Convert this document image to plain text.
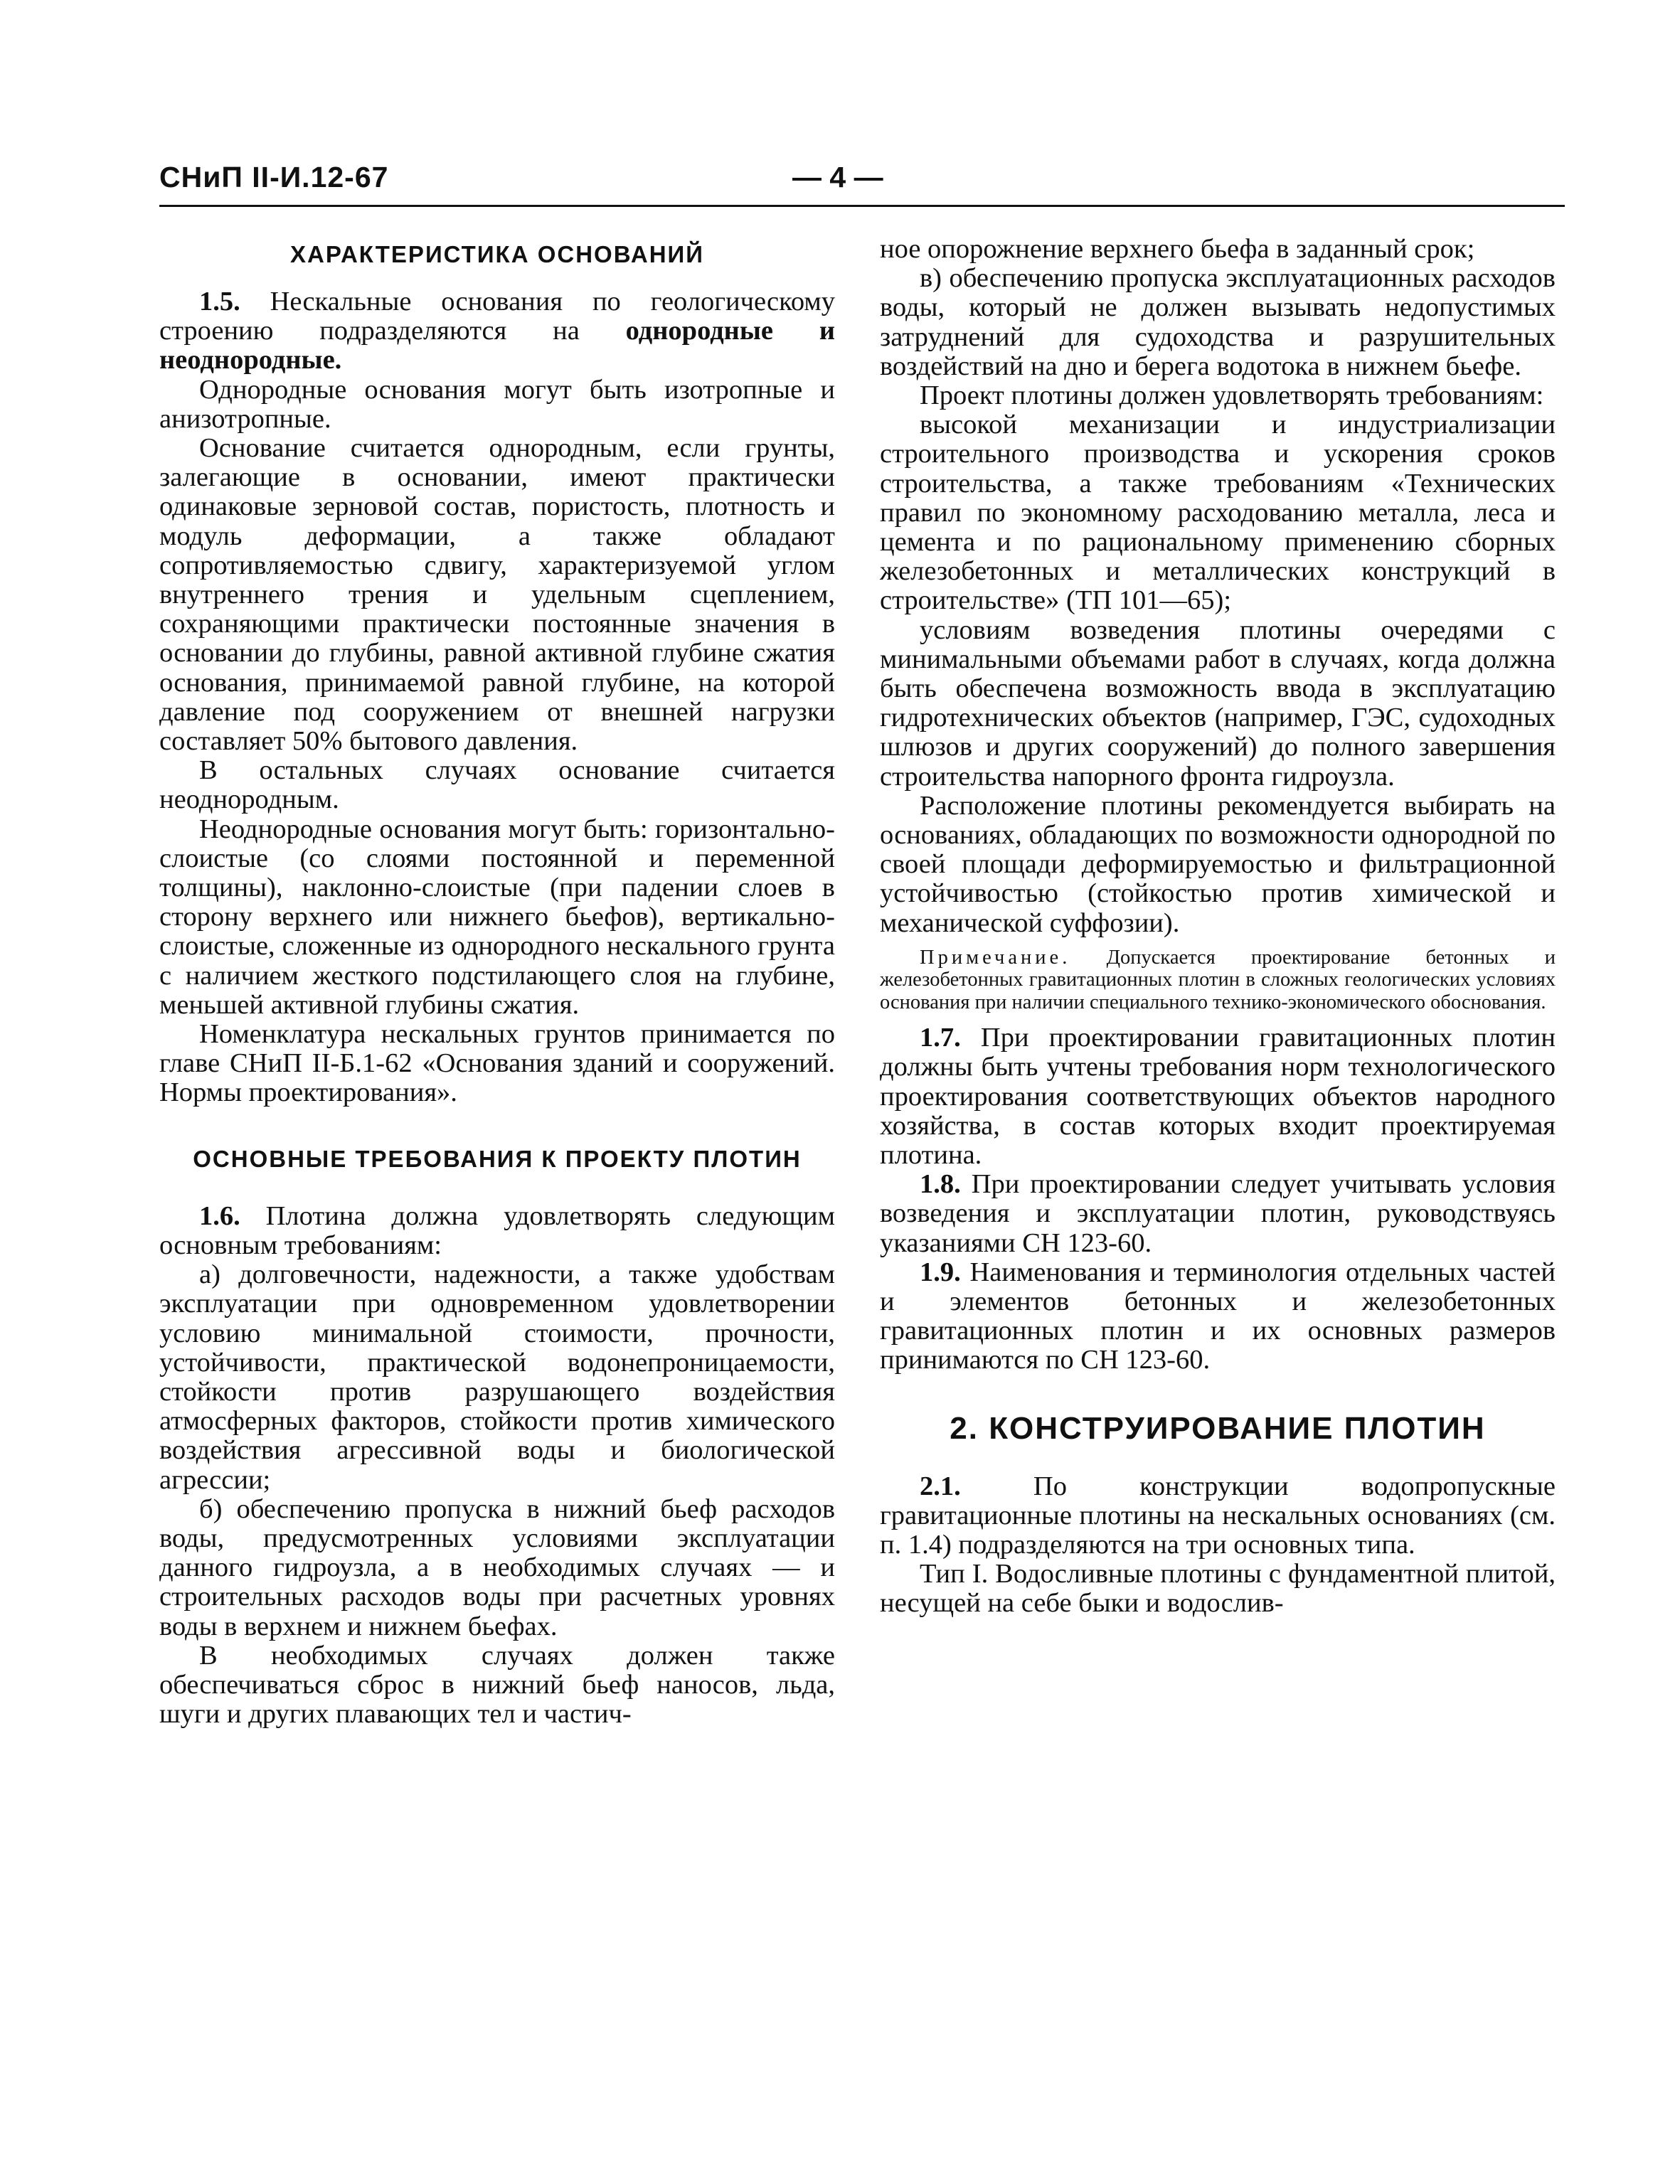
СНиП II-И.12-67	— 4 —
ХАРАКТЕРИСТИКА ОСНОВАНИЙ

1.5. Нескальные основания по геологическому строению подразделяются на однородные и неоднородные.

Однородные основания могут быть изотропные и анизотропные.

Основание считается однородным, если грунты, залегающие в основании, имеют практически одинаковые зерновой состав, пористость, плотность и модуль деформации, а также обладают сопротивляемостью сдвигу, характеризуемой углом внутреннего трения и удельным сцеплением, сохраняющими практически постоянные значения в основании до глубины, равной активной глубине сжатия основания, принимаемой равной глубине, на которой давление под сооружением от внешней нагрузки составляет 50% бытового давления.

В остальных случаях основание считается неоднородным.

Неоднородные основания могут быть: горизонтально-слоистые (со слоями постоянной и переменной толщины), наклонно-слоистые (при падении слоев в сторону верхнего или нижнего бьефов), вертикально-слоистые, сложенные из однородного нескального грунта с наличием жесткого подстилающего слоя на глубине, меньшей активной глубины сжатия.

Номенклатура нескальных грунтов принимается по главе СНиП II-Б.1-62 «Основания зданий и сооружений. Нормы проектирования».

ОСНОВНЫЕ ТРЕБОВАНИЯ К ПРОЕКТУ ПЛОТИН

1.6. Плотина должна удовлетворять следующим основным требованиям:

а) долговечности, надежности, а также удобствам эксплуатации при одновременном удовлетворении условию минимальной стоимости, прочности, устойчивости, практической водонепроницаемости, стойкости против разрушающего воздействия атмосферных факторов, стойкости против химического воздействия агрессивной воды и биологической агрессии;

б) обеспечению пропуска в нижний бьеф расходов воды, предусмотренных условиями эксплуатации данного гидроузла, а в необходимых случаях — и строительных расходов воды при расчетных уровнях воды в верхнем и нижнем бьефах.

В необходимых случаях должен также обеспечиваться сброс в нижний бьеф наносов, льда, шуги и других плавающих тел и частич-

ное опорожнение верхнего бьефа в заданный срок;

в) обеспечению пропуска эксплуатационных расходов воды, который не должен вызывать недопустимых затруднений для судоходства и разрушительных воздействий на дно и берега водотока в нижнем бьефе.

Проект плотины должен удовлетворять требованиям:

высокой механизации и индустриализации строительного производства и ускорения сроков строительства, а также требованиям «Технических правил по экономному расходованию металла, леса и цемента и по рациональному применению сборных железобетонных и металлических конструкций в строительстве» (ТП 101—65);

условиям возведения плотины очередями с минимальными объемами работ в случаях, когда должна быть обеспечена возможность ввода в эксплуатацию гидротехнических объектов (например, ГЭС, судоходных шлюзов и других сооружений) до полного завершения строительства напорного фронта гидроузла.

Расположение плотины рекомендуется выбирать на основаниях, обладающих по возможности однородной по своей площади деформируемостью и фильтрационной устойчивостью (стойкостью против химической и механической суффозии).

Примечание. Допускается проектирование бетонных и железобетонных гравитационных плотин в сложных геологических условиях основания при наличии специального технико-экономического обоснования.

1.7. При проектировании гравитационных плотин должны быть учтены требования норм технологического проектирования соответствующих объектов народного хозяйства, в состав которых входит проектируемая плотина.

1.8. При проектировании следует учитывать условия возведения и эксплуатации плотин, руководствуясь указаниями СН 123-60.

1.9. Наименования и терминология отдельных частей и элементов бетонных и железобетонных гравитационных плотин и их основных размеров принимаются по СН 123-60.

2. КОНСТРУИРОВАНИЕ ПЛОТИН

2.1.	По конструкции водопропускные гравитационные плотины на нескальных основаниях (см. п. 1.4) подразделяются на три основных типа.

Тип I. Водосливные плотины с фундаментной плитой, несущей на себе быки и водослив-
